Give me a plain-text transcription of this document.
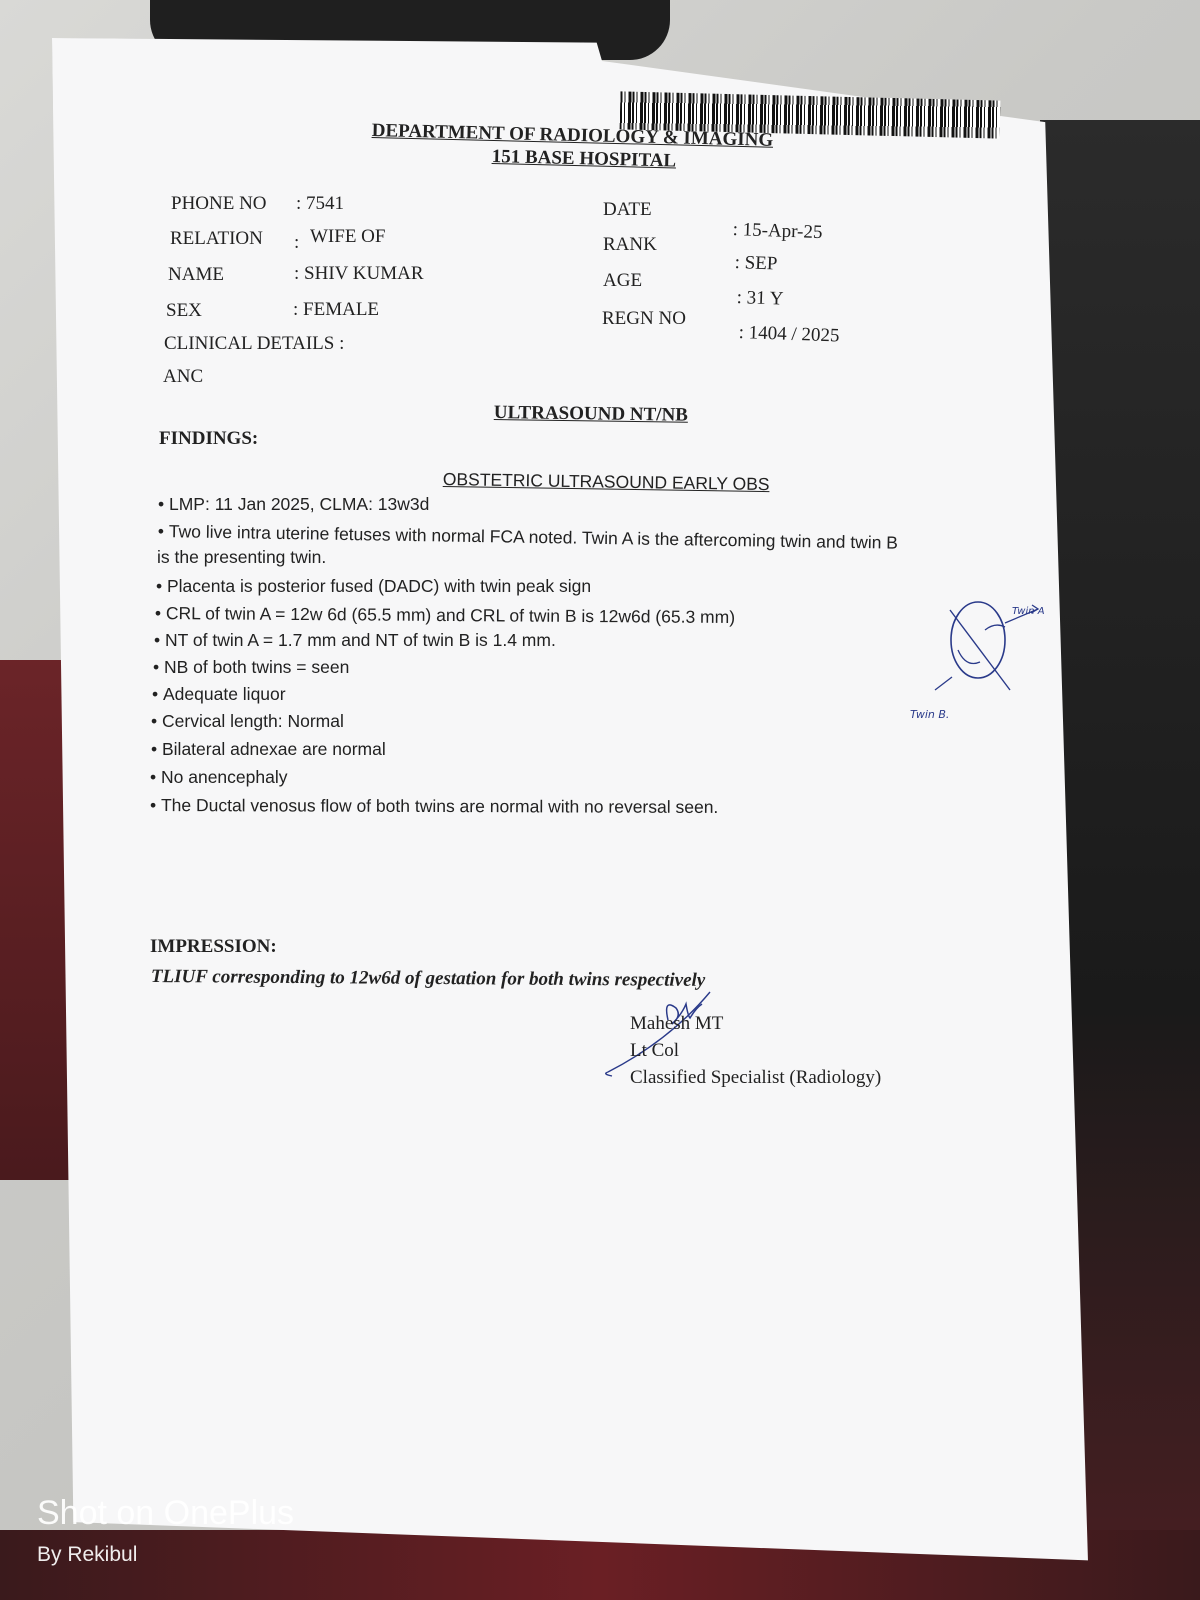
DEPARTMENT OF RADIOLOGY & IMAGING
151 BASE HOSPITAL
PHONE NO : 7541
RELATION : WIFE OF
NAME	: SHIV KUMAR
SEX	: FEMALE
CLINICAL DETAILS :
ANC
DATE
RANK
AGE
REGN NO
: 15-Apr-25
: SEP
: 31 Y
: 1404 / 2025
ULTRASOUND NT/NB
FINDINGS:
OBSTETRIC ULTRASOUND EARLY OBS
• LMP: 11 Jan 2025, CLMA: 13w3d
• Two live intra uterine fetuses with normal FCA noted. Twin A is the aftercoming twin and twin B
is the presenting twin.
• Placenta is posterior fused (DADC) with twin peak sign
• CRL of twin A = 12w 6d (65.5 mm) and CRL of twin B is 12w6d (65.3 mm)
• NT of twin A = 1.7 mm and NT of twin B is 1.4 mm.
• NB of both twins = seen
• Adequate liquor
• Cervical length: Normal
• Bilateral adnexae are normal
• No anencephaly
• The Ductal venosus flow of both twins are normal with no reversal seen.
Twin A
Twin B.
IMPRESSION:
TLIUF corresponding to 12w6d of gestation for both twins respectively
Mahesh MT
Lt Col
Classified Specialist (Radiology)
Shot on OnePlus
By Rekibul
